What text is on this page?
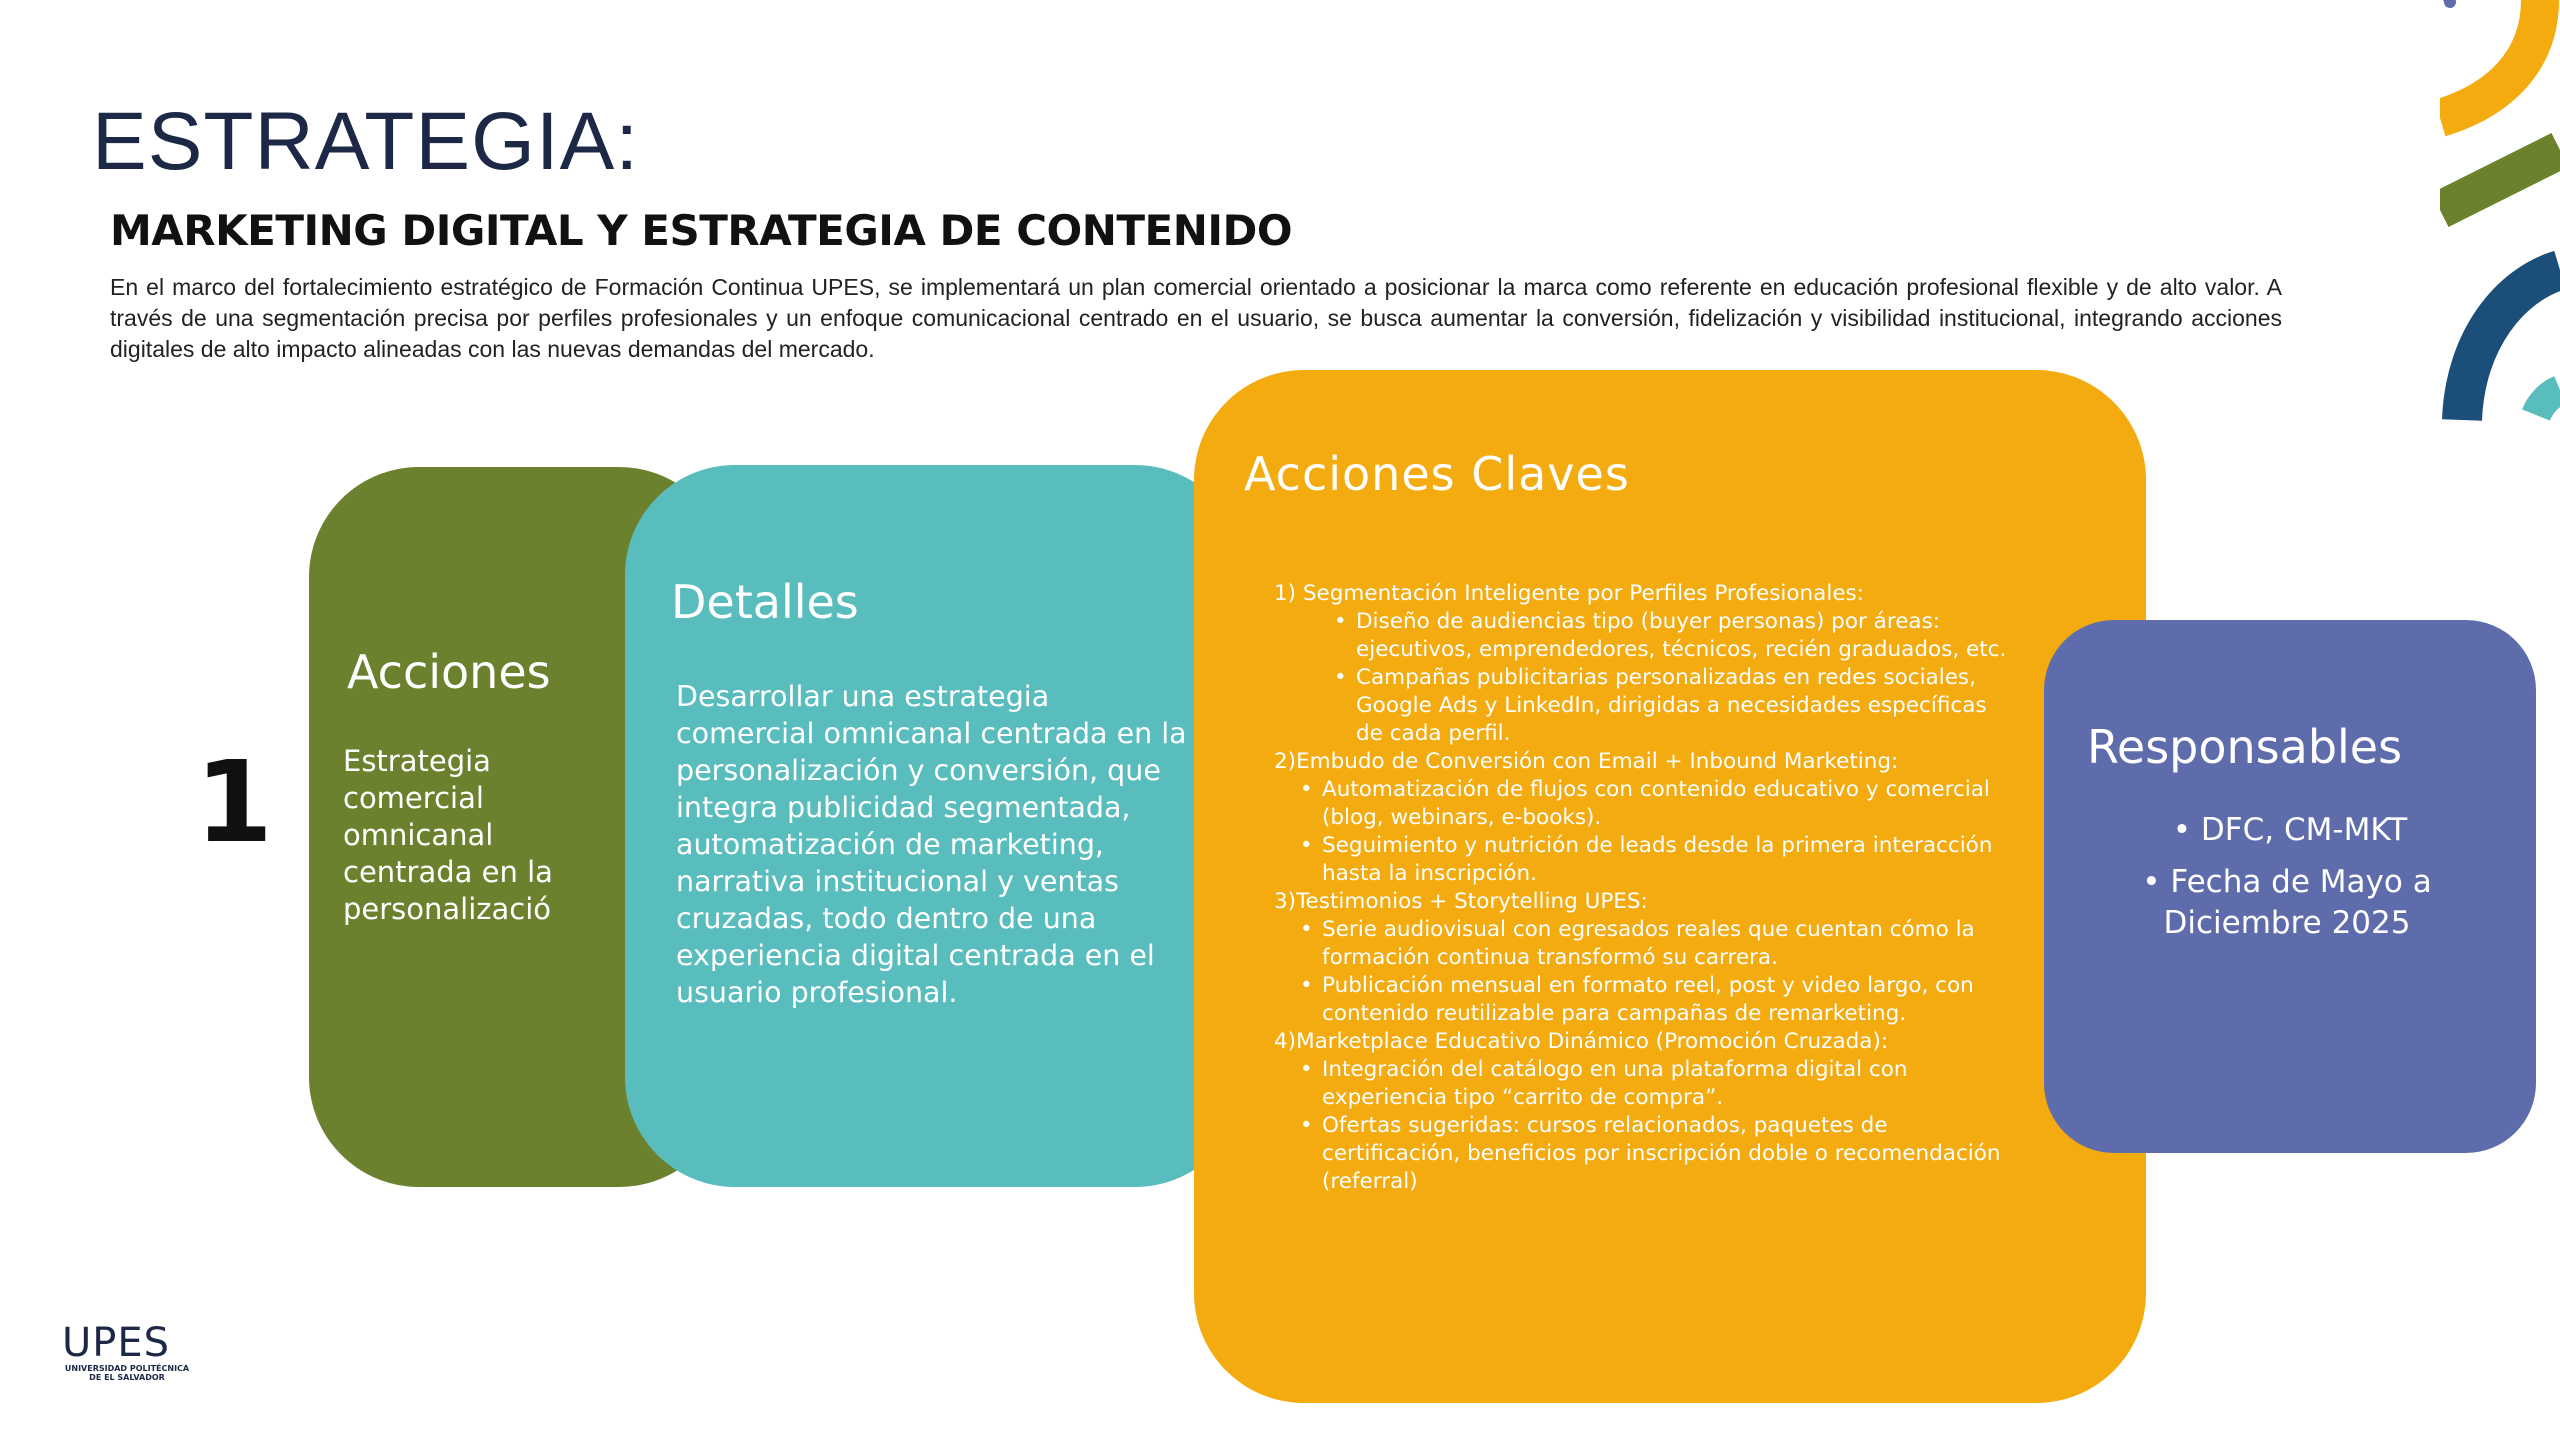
ESTRATEGIA:
MARKETING DIGITAL Y ESTRATEGIA DE CONTENIDO

En el marco del fortalecimiento estratégico de Formación Continua UPES, se implementará un plan comercial orientado a posicionar la marca como referente en educación profesional flexible y de alto valor. A través de una segmentación precisa por perfiles profesionales y un enfoque comunicacional centrado en el usuario, se busca aumentar la conversión, fidelización y visibilidad institucional, integrando acciones digitales de alto impacto alineadas con las nuevas demandas del mercado.

1
Acciones
Estrategia
comercial
omnicanal
centrada en la
personalizació
Detalles
Desarrollar una estrategia comercial omnicanal centrada en la personalización y conversión, que integra publicidad segmentada, automatización de marketing, narrativa institucional y ventas cruzadas, todo dentro de una experiencia digital centrada en el usuario profesional.
Acciones Claves

1) Segmentación Inteligente por Perfiles Profesionales:

• Diseño de audiencias tipo (buyer personas) por áreas: ejecutivos, emprendedores, técnicos, recién graduados, etc.
• Campañas publicitarias personalizadas en redes sociales, Google Ads y LinkedIn, dirigidas a necesidades específicas de cada perfil.

2)Embudo de Conversión con Email + Inbound Marketing:

• Automatización de flujos con contenido educativo y comercial (blog, webinars, e-books).
• Seguimiento y nutrición de leads desde la primera interacción hasta la inscripción.

3)Testimonios + Storytelling UPES:

• Serie audiovisual con egresados reales que cuentan cómo la formación continua transformó su carrera.
• Publicación mensual en formato reel, post y video largo, con contenido reutilizable para campañas de remarketing.

4)Marketplace Educativo Dinámico (Promoción Cruzada):

• Integración del catálogo en una plataforma digital con experiencia tipo “carrito de compra”.
• Ofertas sugeridas: cursos relacionados, paquetes de certificación, beneficios por inscripción doble o recomendación (referral)
Responsables
• DFC, CM-MKT
• Fecha de Mayo a Diciembre 2025
UPES
UNIVERSIDAD POLITÉCNICA
DE EL SALVADOR
